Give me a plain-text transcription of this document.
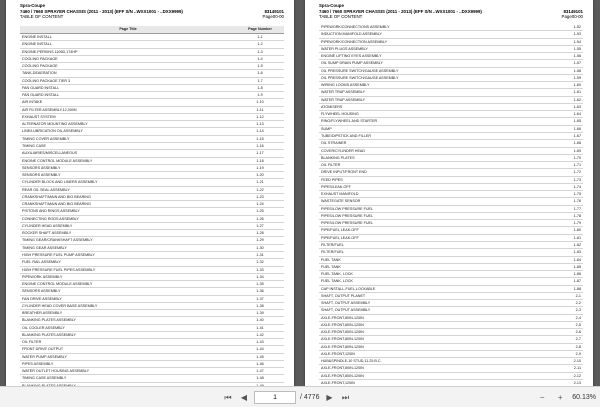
Spra-Coupe
7460 / 7660 SPRAYER CHASSIS (2011 - 2013) (EFF S/N ..WXX1001 - ..DXX9999)
TABLE OF CONTENT
83149101
Page00-00
Page Title	Page Number
ENGINE INSTALL	1-1
ENGINE INSTALL	1-2
ENGINE-PERKINS 1106D,174HP	1-3
COOLING PACKAGE	1-4
COOLING PACKAGE	1-5
TANK-DEAERATION	1-6
COOLING PACKAGE,TIER 3	1-7
FAN GUARD INSTALL	1-8
FAN GUARD INSTALL	1-9
AIR INTAKE	1-10
AIR FILTER ASSEMBLY,12,000N	1-11
EXHAUST SYSTEM	1-12
ALTERNATOR MOUNTING ASSEMBLY	1-13
LINE/LUBRICATION OIL ASSEMBLY	1-14
TIMING COVER ASSEMBLY	1-15
TIMING CASE	1-16
AUXILIARIES/MISCELLANEOUS	1-17
ENGINE CONTROL MODULE ASSEMBLY	1-18
SENSORS ASSEMBLY	1-19
SENSORS ASSEMBLY	1-20
CYLINDER BLOCK AND LINERS ASSEMBLY	1-21
REAR OIL SEAL ASSEMBLY	1-22
CRANKSHAFT/MAIN AND BIG BEARING	1-23
CRANKSHAFT/MAIN AND BIG BEARING	1-24
PISTONS AND RINGS ASSEMBLY	1-25
CONNECTING RODS ASSEMBLY	1-26
CYLINDER HEAD ASSEMBLY	1-27
ROCKER SHAFT ASSEMBLY	1-28
TIMING GEAR/CRANKSHAFT ASSEMBLY	1-29
TIMING GEAR ASSEMBLY	1-30
HIGH PRESSURE FUEL PUMP ASSEMBLY	1-31
FUEL RAIL ASSEMBLY	1-32
HIGH PRESSURE FUEL PIPES ASSEMBLY	1-33
PIPEWORK ASSEMBLY	1-34
ENGINE CONTROL MODULE ASSEMBLY	1-35
SENSORS ASSEMBLY	1-36
FAN DRIVE ASSEMBLY	1-37
CYLINDER HEAD COVER BASE ASSEMBLY	1-38
BREATHER ASSEMBLY	1-39
BLANKING PLATES ASSEMBLY	1-40
OIL COOLER ASSEMBLY	1-41
BLANKING PLATES ASSEMBLY	1-42
OIL FILTER	1-43
FRONT DRIVE OUTPUT	1-44
WATER PUMP ASSEMBLY	1-45
PIPES ASSEMBLY	1-46
WATER OUTLET HOUSING ASSEMBLY	1-47
TIMING CASE ASSEMBLY	1-48
Spra-Coupe
7460 / 7660 SPRAYER CHASSIS (2011 - 2013) (EFF S/N ..WXX1001 - ..DXX9999)
TABLE OF CONTENT
83149101
Page00-00
PIPEWORK/CONNECTIONS ASSEMBLY	1-52
INDUCTION MANIFOLD ASSEMBLY	1-53
PIPEWORK/CONNECTION ASSEMBLY	1-54
WATER PLUGS ASSEMBLY	1-55
ENGINE LIFTING EYES ASSEMBLY	1-56
OIL SUMP DRAIN PUMP ASSEMBLY	1-57
OIL PRESSURE SWITCH/GAUGE ASSEMBLY	1-58
OIL PRESSURE SWITCH/GAUGE ASSEMBLY	1-59
WIRING LOOMS ASSEMBLY	1-60
WATER TRAP ASSEMBLY	1-61
WATER TRAP ASSEMBLY	1-62
ATOMISERS	1-63
FLYWHEEL HOUSING	1-64
RING/FLYWHEEL AND STARTER	1-65
SUMP	1-66
TUBE/DIPSTICK AND FILLER	1-67
OIL STRAINER	1-68
COVER/CYLINDER HEAD	1-69
BLANKING PLATES	1-70
OIL FILTER	1-71
DRIVE INPUT/FRONT END	1-72
FEED PIPES	1-73
PIPES/LEAK-OFF	1-74
EXHAUST MANIFOLD	1-75
WASTEGATE SENSOR	1-76
PIPES/LOW PRESSURE FUEL	1-77
PIPES/LOW PRESSURE FUEL	1-78
PIPES/LOW PRESSURE FUEL	1-79
PIPE/FUEL LEAK-OFF	1-80
PIPE/FUEL LEAK-OFF	1-81
FILTER/FUEL	1-82
FILTER/FUEL	1-83
FUEL TANK	1-84
FUEL TANK	1-85
FUEL TANK, LOCK	1-86
FUEL TANK, LOCK	1-87
CAP INSTALL-FUEL,LOCKABLE	1-88
SHAFT, OUTPUT PLANET	2-1
SHAFT, OUTPUT ASSEMBLY	2-2
SHAFT, OUTPUT ASSEMBLY	2-3
AXLE-FRONT,80IN-120IN	2-4
AXLE-FRONT,80IN-120IN	2-5
AXLE-FRONT,80IN-120IN	2-6
AXLE-FRONT,80IN-120IN	2-7
AXLE-FRONT,80IN-120IN	2-8
AXLE-FRONT,120IN	2-9
HUB&SPINDLE-10 STUD,11.25 B.C.	2-10
AXLE-FRONT,80IN-120IN	2-11
AXLE-FRONT,80IN-120IN	2-12
AXLE-FRONT,120IN	2-13
⏮	◀
1	/ 4776 ▶	⏭	−	+	60.13%
